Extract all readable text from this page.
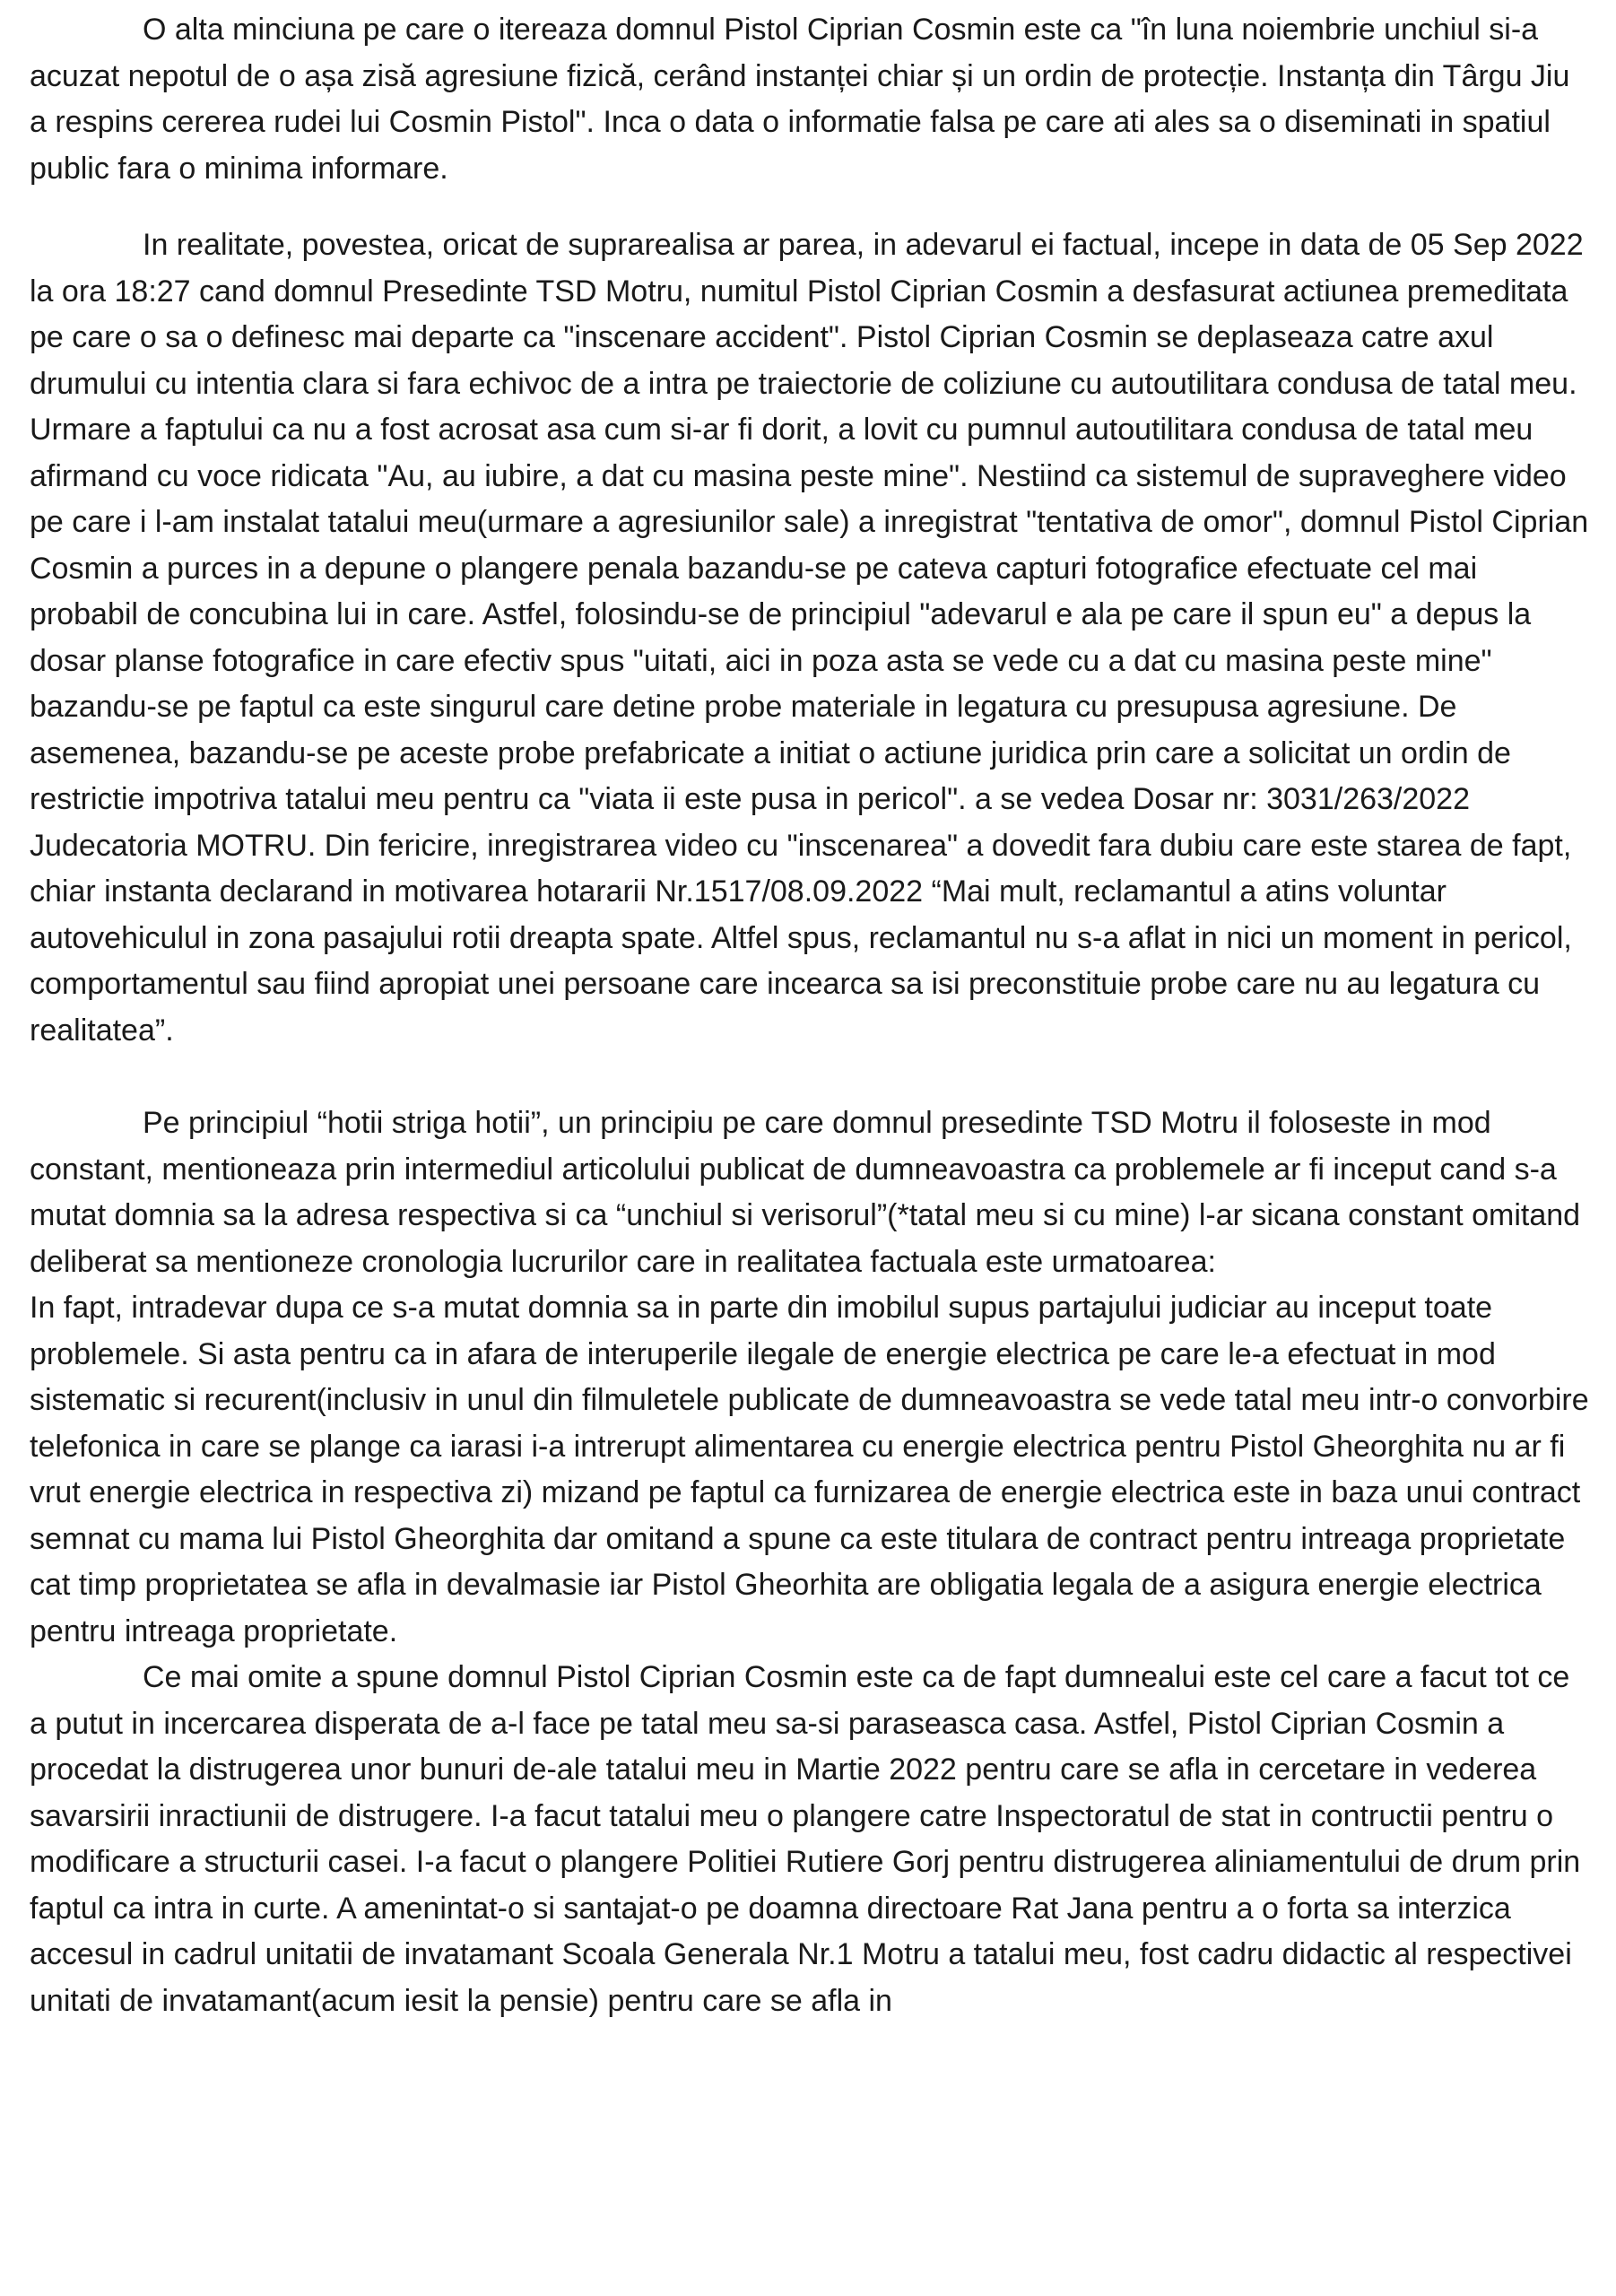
O alta minciuna pe care o itereaza domnul Pistol Ciprian Cosmin este ca "în luna noiembrie unchiul si-a acuzat nepotul de o așa zisă agresiune fizică, cerând instanței chiar și un ordin de protecție. Instanța din Târgu Jiu a respins cererea rudei lui Cosmin Pistol". Inca o data o informatie falsa pe care ati ales sa o diseminati in spatiul public fara o minima informare.

In realitate, povestea, oricat de suprarealisa ar parea, in adevarul ei factual, incepe in data de 05 Sep 2022 la ora 18:27 cand domnul Presedinte TSD Motru, numitul Pistol Ciprian Cosmin a desfasurat actiunea premeditata pe care o sa o definesc mai departe ca "inscenare accident". Pistol Ciprian Cosmin se deplaseaza catre axul drumului cu intentia clara si fara echivoc de a intra pe traiectorie de coliziune cu autoutilitara condusa de tatal meu. Urmare a faptului ca nu a fost acrosat asa cum si-ar fi dorit, a lovit cu pumnul autoutilitara condusa de tatal meu afirmand cu voce ridicata "Au, au iubire, a dat cu masina peste mine". Nestiind ca sistemul de supraveghere video pe care i l-am instalat tatalui meu(urmare a agresiunilor sale) a inregistrat "tentativa de omor", domnul Pistol Ciprian Cosmin a purces in a depune o plangere penala bazandu-se pe cateva capturi fotografice efectuate cel mai probabil de concubina lui in care. Astfel, folosindu-se de principiul "adevarul e ala pe care il spun eu" a depus la dosar planse fotografice in care efectiv spus "uitati, aici in poza asta se vede cu a dat cu masina peste mine" bazandu-se pe faptul ca este singurul care detine probe materiale in legatura cu presupusa agresiune. De asemenea, bazandu-se pe aceste probe prefabricate a initiat o actiune juridica prin care a solicitat un ordin de restrictie impotriva tatalui meu pentru ca "viata ii este pusa in pericol". a se vedea Dosar nr: 3031/263/2022 Judecatoria MOTRU. Din fericire, inregistrarea video cu "inscenarea" a dovedit fara dubiu care este starea de fapt, chiar instanta declarand in motivarea hotararii Nr.1517/08.09.2022 “Mai mult, reclamantul a atins voluntar autovehiculul in zona pasajului rotii dreapta spate. Altfel spus, reclamantul nu s-a aflat in nici un moment in pericol, comportamentul sau fiind apropiat unei persoane care incearca sa isi preconstituie probe care nu au legatura cu realitatea”.

Pe principiul “hotii striga hotii”, un principiu pe care domnul presedinte TSD Motru il foloseste in mod constant, mentioneaza prin intermediul articolului publicat de dumneavoastra ca problemele ar fi inceput cand s-a mutat domnia sa la adresa respectiva si ca “unchiul si verisorul”(*tatal meu si cu mine) l-ar sicana constant omitand deliberat sa mentioneze cronologia lucrurilor care in realitatea factuala este urmatoarea:

In fapt, intradevar dupa ce s-a mutat domnia sa in parte din imobilul supus partajului judiciar au inceput toate problemele. Si asta pentru ca in afara de interuperile ilegale de energie electrica pe care le-a efectuat in mod sistematic si recurent(inclusiv in unul din filmuletele publicate de dumneavoastra se vede tatal meu intr-o convorbire telefonica in care se plange ca iarasi i-a intrerupt alimentarea cu energie electrica pentru Pistol Gheorghita nu ar fi vrut energie electrica in respectiva zi) mizand pe faptul ca furnizarea de energie electrica este in baza unui contract semnat cu mama lui Pistol Gheorghita dar omitand a spune ca este titulara de contract pentru intreaga proprietate cat timp proprietatea se afla in devalmasie iar Pistol Gheorhita are obligatia legala de a asigura energie electrica pentru intreaga proprietate.

Ce mai omite a spune domnul Pistol Ciprian Cosmin este ca de fapt dumnealui este cel care a facut tot ce a putut in incercarea disperata de a-l face pe tatal meu sa-si paraseasca casa. Astfel, Pistol Ciprian Cosmin a procedat la distrugerea unor bunuri de-ale tatalui meu in Martie 2022 pentru care se afla in cercetare in vederea savarsirii inractiunii de distrugere. I-a facut tatalui meu o plangere catre Inspectoratul de stat in contructii pentru o modificare a structurii casei. I-a facut o plangere Politiei Rutiere Gorj pentru distrugerea aliniamentului de drum prin faptul ca intra in curte. A amenintat-o si santajat-o pe doamna directoare Rat Jana pentru a o forta sa interzica accesul in cadrul unitatii de invatamant Scoala Generala Nr.1 Motru a tatalui meu, fost cadru didactic al respectivei unitati de invatamant(acum iesit la pensie) pentru care se afla in
